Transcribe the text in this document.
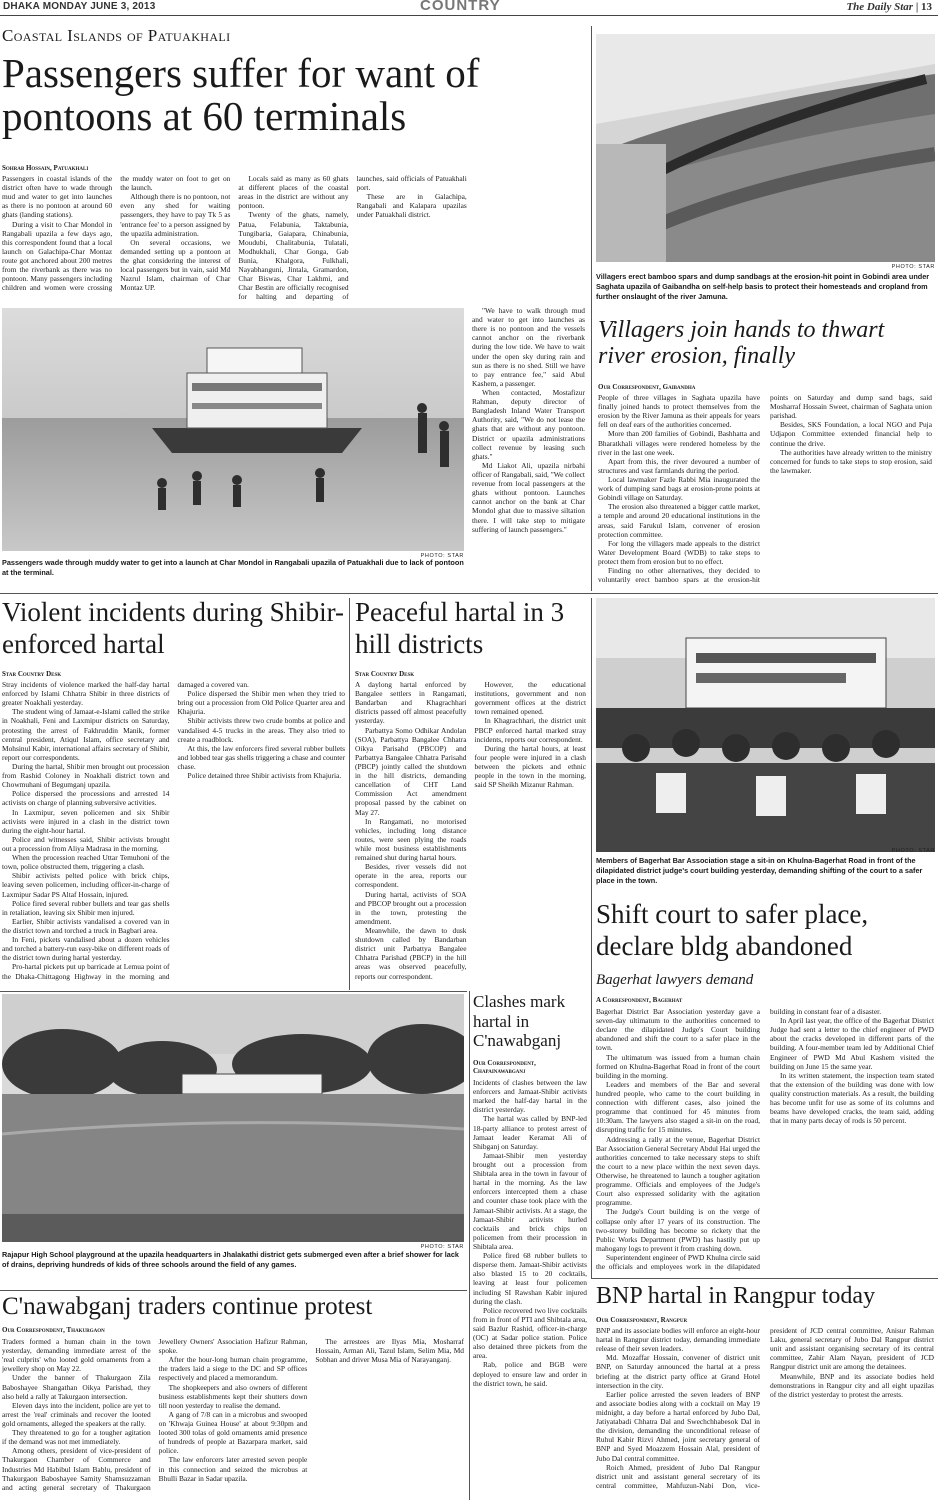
DHAKA MONDAY JUNE 3, 2013	COUNTRY	The Daily Star | 13
Coastal Islands of Patuakhali
Passengers suffer for want of pontoons at 60 terminals
Sohrab Hossain, Patuakhali

Passengers in coastal islands of the district often have to wade through mud and water to get into launches as there is no pontoon at around 60 ghats (landing stations).

During a visit to Char Mondol in Rangabali upazila a few days ago, this correspondent found that a local launch on Galachipa-Char Montaz route got anchored about 200 metres from the riverbank as there was no pontoon. Many passengers including children and women were crossing the muddy water on foot to get on the launch.

Although there is no pontoon, not even any shed for waiting passengers, they have to pay Tk 5 as 'entrance fee' to a person assigned by the upazila administration.

On several occasions, we demanded setting up a pontoon at the ghat considering the interest of local passengers but in vain, said Md Nazrul Islam, chairman of Char Montaz UP.

Locals said as many as 60 ghats at different places of the coastal areas in the district are without any pontoon.

Twenty of the ghats, namely, Patua, Felabunia, Taktabunia, Tungibaria, Gaiapara, Chinabunia, Moudubi, Chalitabunia, Tulatali, Modhukhali, Char Gonga, Gab Bunia, Khalgora, Fulkhali, Nayabhanguni, Jintala, Gramardon, Char Biswas, Char Lakhmi, and Char Bestin are officially recognised for halting and departing of launches, said officials of Patuakhali port.

These are in Galachipa, Rangabali and Kalapara upazilas under Patuakhali district.

"We have to walk through mud and water to get into launches as there is no pontoon and the vessels cannot anchor on the riverbank during the low tide. We have to wait under the open sky during rain and sun as there is no shed. Still we have to pay entrance fee," said Abul Kashem, a passenger.

When contacted, Mostafizur Rahman, deputy director of Bangladesh Inland Water Transport Authority, said, "We do not lease the ghats that are without any pontoon. District or upazila administrations collect revenue by leasing such ghats."

Md Liakot Ali, upazila nirbahi officer of Rangabali, said, "We collect revenue from local passengers at the ghats without pontoon. Launches cannot anchor on the bank at Char Mondol ghat due to massive siltation there. I will take step to mitigate suffering of launch passengers."

PHOTO: STAR
Passengers wade through muddy water to get into a launch at Char Mondol in Rangabali upazila of Patuakhali due to lack of pontoon at the terminal.
PHOTO: STAR
Villagers erect bamboo spars and dump sandbags at the erosion-hit point in Gobindi area under Saghata upazila of Gaibandha on self-help basis to protect their homesteads and cropland from further onslaught of the river Jamuna.
Villagers join hands to thwart river erosion, finally
Our Correspondent, Gaibandha

People of three villages in Saghata upazila have finally joined hands to protect themselves from the erosion by the River Jamuna as their appeals for years fell on deaf ears of the authorities concerned.

More than 200 families of Gobindi, Bashhatta and Bharatkhali villages were rendered homeless by the river in the last one week.

Apart from this, the river devoured a number of structures and vast farmlands during the period.

Local lawmaker Fazle Rabbi Mia inaugurated the work of dumping sand bags at erosion-prone points at Gobindi village on Saturday.

The erosion also threatened a bigger cattle market, a temple and around 20 educational institutions in the areas, said Farukul Islam, convener of erosion protection committee.

For long the villagers made appeals to the district Water Development Board (WDB) to take steps to protect them from erosion but to no effect.

Finding no other alternatives, they decided to voluntarily erect bamboo spars at the erosion-hit points on Saturday and dump sand bags, said Mosharraf Hossain Sweet, chairman of Saghata union parishad.

Besides, SKS Foundation, a local NGO and Puja Udjapon Committee extended financial help to continue the drive.

The authorities have already written to the ministry concerned for funds to take steps to stop erosion, said the lawmaker.

Violent incidents during Shibir-enforced hartal
Star Country Desk

Stray incidents of violence marked the half-day hartal enforced by Islami Chhatra Shibir in three districts of greater Noakhali yesterday.

The student wing of Jamaat-e-Islami called the strike in Noakhali, Feni and Laxmipur districts on Saturday, protesting the arrest of Fakhruddin Manik, former central president, Atiqul Islam, office secretary and Mohsinul Kabir, international affairs secretary of Shibir, report our correspondents.

During the hartal, Shibir men brought out procession from Rashid Coloney in Noakhali district town and Chowmuhani of Begumganj upazila.

Police dispersed the processions and arrested 14 activists on charge of planning subversive activities.

In Laxmipur, seven policemen and six Shibir activists were injured in a clash in the district town during the eight-hour hartal.

Police and witnesses said, Shibir activists brought out a procession from Aliya Madrasa in the morning.

When the procession reached Uttar Temuhoni of the town, police obstructed them, triggering a clash.

Shibir activists pelted police with brick chips, leaving seven policemen, including officer-in-charge of Laxmipur Sadar PS Altaf Hossain, injured.

Police fired several rubber bullets and tear gas shells in retaliation, leaving six Shibir men injured.

Earlier, Shibir activists vandalised a covered van in the district town and torched a truck in Bagbari area.

In Feni, pickets vandalised about a dozen vehicles and torched a battery-run easy-bike on different roads of the district town during hartal yesterday.

Pro-hartal pickets put up barricade at Lemua point of the Dhaka-Chittagong Highway in the morning and damaged a covered van.

Police dispersed the Shibir men when they tried to bring out a procession from Old Police Quarter area and Khajuria.

Shibir activists threw two crude bombs at police and vandalised 4-5 trucks in the areas. They also tried to create a roadblock.

At this, the law enforcers fired several rubber bullets and lobbed tear gas shells triggering a chase and counter chase.

Police detained three Shibir activists from Khajuria.

Peaceful hartal in 3 hill districts
Star Country Desk

A daylong hartal enforced by Bangalee settlers in Rangamati, Bandarban and Khagrachhari districts passed off almost peacefully yesterday.

Parbattya Somo Odhikar Andolan (SOA), Parbattya Bangalee Chhatra Oikya Parisahd (PBCOP) and Parbattya Bangalee Chhatra Parisahd (PBCP) jointly called the shutdown in the hill districts, demanding cancellation of CHT Land Commission Act amendment proposal passed by the cabinet on May 27.

In Rangamati, no motorised vehicles, including long distance routes, were seen plying the roads while most business establishments remained shut during hartal hours.

Besides, river vessels did not operate in the area, reports our correspondent.

During hartal, activists of SOA and PBCOP brought out a procession in the town, protesting the amendment.

Meanwhile, the dawn to dusk shutdown called by Bandarban district unit Parbattya Bangalee Chhatra Parishad (PBCP) in the hill areas was observed peacefully, reports our correspondent.

However, the educational institutions, government and non government offices at the district town remained opened.

In Khagrachhari, the district unit PBCP enforced hartal marked stray incidents, reports our correspondent.

During the hartal hours, at least four people were injured in a clash between the pickets and ethnic people in the town in the morning, said SP Sheikh Mizanur Rahman.

PHOTO: STAR
Members of Bagerhat Bar Association stage a sit-in on Khulna-Bagerhat Road in front of the dilapidated district judge's court building yesterday, demanding shifting of the court to a safer place in the town.
Shift court to safer place, declare bldg abandoned
Bagerhat lawyers demand
A Correspondent, Bagerhat

Bagerhat District Bar Association yesterday gave a seven-day ultimatum to the authorities concerned to declare the dilapidated Judge's Court building abandoned and shift the court to a safer place in the town.

The ultimatum was issued from a human chain formed on Khulna-Bagerhat Road in front of the court building in the morning.

Leaders and members of the Bar and several hundred people, who came to the court building in connection with different cases, also joined the programme that continued for 45 minutes from 10:30am. The lawyers also staged a sit-in on the road, disrupting traffic for 15 minutes.

Addressing a rally at the venue, Bagerhat District Bar Association General Secretary Abdul Hai urged the authorities concerned to take necessary steps to shift the court to a new place within the next seven days. Otherwise, he threatened to launch a tougher agitation programme. Officials and employees of the Judge's Court also expressed solidarity with the agitation programme.

The Judge's Court building is on the verge of collapse only after 17 years of its construction. The two-storey building has become so rickety that the Public Works Department (PWD) has hastily put up mahogany logs to prevent it from crashing down.

Superintendent engineer of PWD Khulna circle said the officials and employees work in the dilapidated building in constant fear of a disaster.

In April last year, the office of the Bagerhat District Judge had sent a letter to the chief engineer of PWD about the cracks developed in different parts of the building. A four-member team led by Additional Chief Engineer of PWD Md Abul Kashem visited the building on June 15 the same year.

In its written statement, the inspection team stated that the extension of the building was done with low quality construction materials. As a result, the building has become unfit for use as some of its columns and beams have developed cracks, the team said, adding that in many parts decay of rods is 50 percent.

PHOTO: STAR
Rajapur High School playground at the upazila headquarters in Jhalakathi district gets submerged even after a brief shower for lack of drains, depriving hundreds of kids of three schools around the field of any games.
Clashes mark hartal in C'nawabganj
Our Correspondent, Chapainawabganj

Incidents of clashes between the law enforcers and Jamaat-Shibir activists marked the half-day hartal in the district yesterday.

The hartal was called by BNP-led 18-party alliance to protest arrest of Jamaat leader Keramat Ali of Shibganj on Saturday.

Jamaat-Shibir men yesterday brought out a procession from Shibtala area in the town in favour of hartal in the morning. As the law enforcers intercepted them a chase and counter chase took place with the Jamaat-Shibir activists. At a stage, the Jamaat-Shibir activists hurled cocktails and brick chips on policemen from their procession in Shibtala area.

Police fired 68 rubber bullets to disperse them. Jamaat-Shibir activists also blasted 15 to 20 cocktails, leaving at least four policemen including SI Rawshan Kabir injured during the clash.

Police recovered two live cocktails from in front of PTI and Shibtala area, said Bazlur Rashid, officer-in-charge (OC) at Sadar police station. Police also detained three pickets from the area.

Rab, police and BGB were deployed to ensure law and order in the district town, he said.

C'nawabganj traders continue protest
Our Correspondent, Thakurgaon

Traders formed a human chain in the town yesterday, demanding immediate arrest of the 'real culprits' who looted gold ornaments from a jewellery shop on May 22.

Under the banner of Thakurgaon Zila Baboshayee Shangathan Oikya Parishad, they also held a rally at Takurgaon intersection.

Eleven days into the incident, police are yet to arrest the 'real' criminals and recover the looted gold ornaments, alleged the speakers at the rally.

They threatened to go for a tougher agitation if the demand was not met immediately.

Among others, president of vice-president of Thakurgaon Chamber of Commerce and Industries Md Habibul Islam Bablu, president of Thakurgaon Baboshayee Samity Shamsuzzaman and acting general secretary of Thakurgaon Jewellery Owners' Association Hafizur Rahman, spoke.

After the hour-long human chain programme, the traders laid a siege to the DC and SP offices respectively and placed a memorandum.

The shopkeepers and also owners of different business establishments kept their shutters down till noon yesterday to realise the demand.

A gang of 7/8 can in a microbus and swooped on 'Khwaja Guinea House' at about 9:30pm and looted 300 tolas of gold ornaments amid presence of hundreds of people at Bazarpara market, said police.

The law enforcers later arrested seven people in this connection and seized the microbus at Bhulli Bazar in Sadar upazila.

The arrestees are Ilyas Mia, Mosharraf Hossain, Arman Ali, Tazul Islam, Selim Mia, Md Sobhan and driver Musa Mia of Narayanganj.

BNP hartal in Rangpur today
Our Correspondent, Rangpur

BNP and its associate bodies will enforce an eight-hour hartal in Rangpur district today, demanding immediate release of their seven leaders.

Md. Mozaffar Hossain, convener of district unit BNP, on Saturday announced the hartal at a press briefing at the district party office at Grand Hotel intersection in the city.

Earlier police arrested the seven leaders of BNP and associate bodies along with a cocktail on May 19 midnight, a day before a hartal enforced by Jubo Dal, Jatiyatabadi Chhatra Dal and Swechchhabesok Dal in the division, demanding the unconditional release of Ruhul Kabir Rizvi Ahmed, joint secretary general of BNP and Syed Moazzem Hossain Alal, president of Jubo Dal central committee.

Roich Ahmed, president of Jubo Dal Rangpur district unit and assistant general secretary of its central committee, Mahfuzun-Nabi Don, vice-president of JCD central committee, Anisur Rahman Laku, general secretary of Jubo Dal Rangpur district unit and assistant organising secretary of its central committee, Zahir Alam Nayan, president of JCD Rangpur district unit are among the detainees.

Meanwhile, BNP and its associate bodies held demonstrations in Rangpur city and all eight upazilas of the district yesterday to protest the arrests.
